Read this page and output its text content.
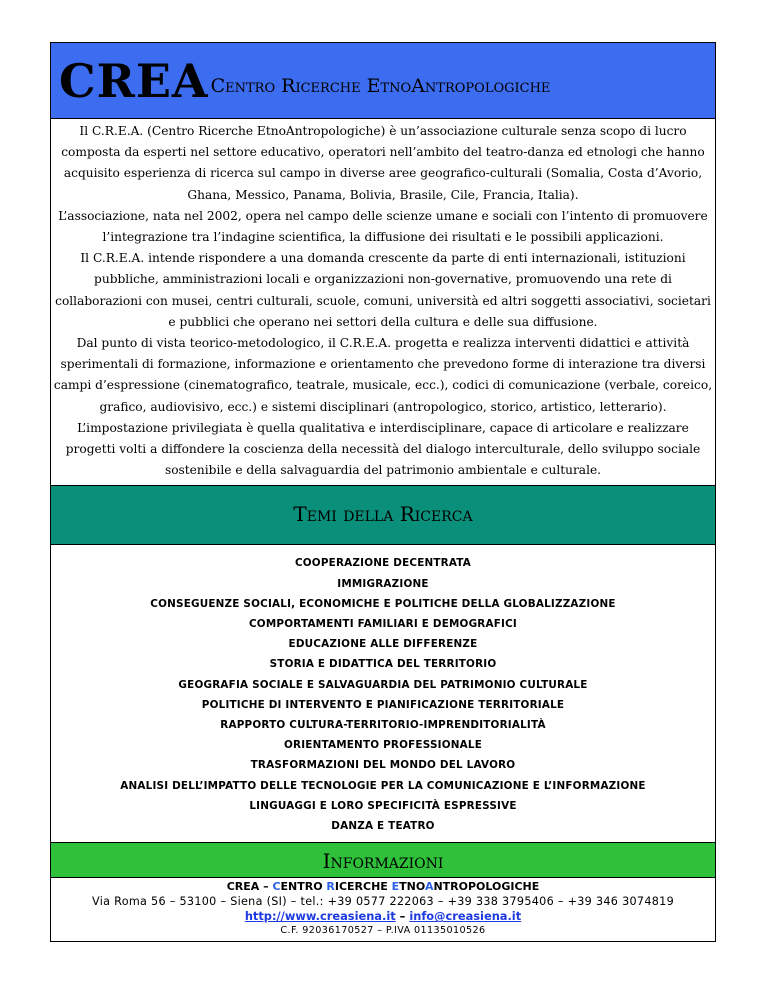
CREA Centro Ricerche EtnoAntropologiche

Il C.R.E.A. (Centro Ricerche EtnoAntropologiche) è un’associazione culturale senza scopo di lucro composta da esperti nel settore educativo, operatori nell’ambito del teatro-danza ed etnologi che hanno acquisito esperienza di ricerca sul campo in diverse aree geografico-culturali (Somalia, Costa d’Avorio, Ghana, Messico, Panama, Bolivia, Brasile, Cile, Francia, Italia).

L’associazione, nata nel 2002, opera nel campo delle scienze umane e sociali con l’intento di promuovere l’integrazione tra l’indagine scientifica, la diffusione dei risultati e le possibili applicazioni.

Il C.R.E.A. intende rispondere a una domanda crescente da parte di enti internazionali, istituzioni pubbliche, amministrazioni locali e organizzazioni non-governative, promuovendo una rete di collaborazioni con musei, centri culturali, scuole, comuni, università ed altri soggetti associativi, societari e pubblici che operano nei settori della cultura e delle sua diffusione.

Dal punto di vista teorico-metodologico, il C.R.E.A. progetta e realizza interventi didattici e attività sperimentali di formazione, informazione e orientamento che prevedono forme di interazione tra diversi campi d’espressione (cinematografico, teatrale, musicale, ecc.), codici di comunicazione (verbale, coreico, grafico, audiovisivo, ecc.) e sistemi disciplinari (antropologico, storico, artistico, letterario). L’impostazione privilegiata è quella qualitativa e interdisciplinare, capace di articolare e realizzare progetti volti a diffondere la coscienza della necessità del dialogo interculturale, dello sviluppo sociale sostenibile e della salvaguardia del patrimonio ambientale e culturale.

Temi della Ricerca
COOPERAZIONE DECENTRATA
IMMIGRAZIONE
CONSEGUENZE SOCIALI, ECONOMICHE E POLITICHE DELLA GLOBALIZZAZIONE
COMPORTAMENTI FAMILIARI E DEMOGRAFICI
EDUCAZIONE ALLE DIFFERENZE
STORIA E DIDATTICA DEL TERRITORIO
GEOGRAFIA SOCIALE E SALVAGUARDIA DEL PATRIMONIO CULTURALE
POLITICHE DI INTERVENTO E PIANIFICAZIONE TERRITORIALE
RAPPORTO CULTURA-TERRITORIO-IMPRENDITORIALITÀ
ORIENTAMENTO PROFESSIONALE
TRASFORMAZIONI DEL MONDO DEL LAVORO
ANALISI DELL’IMPATTO DELLE TECNOLOGIE PER LA COMUNICAZIONE E L’INFORMAZIONE
LINGUAGGI E LORO SPECIFICITÀ ESPRESSIVE
DANZA E TEATRO
Informazioni
CREA – CENTRO RICERCHE ETNOANTROPOLOGICHE
Via Roma 56 – 53100 – Siena (SI) – tel.: +39 0577 222063 – +39 338 3795406 – +39 346 3074819
http://www.creasiena.it – info@creasiena.it
C.F. 92036170527 – P.IVA 01135010526
